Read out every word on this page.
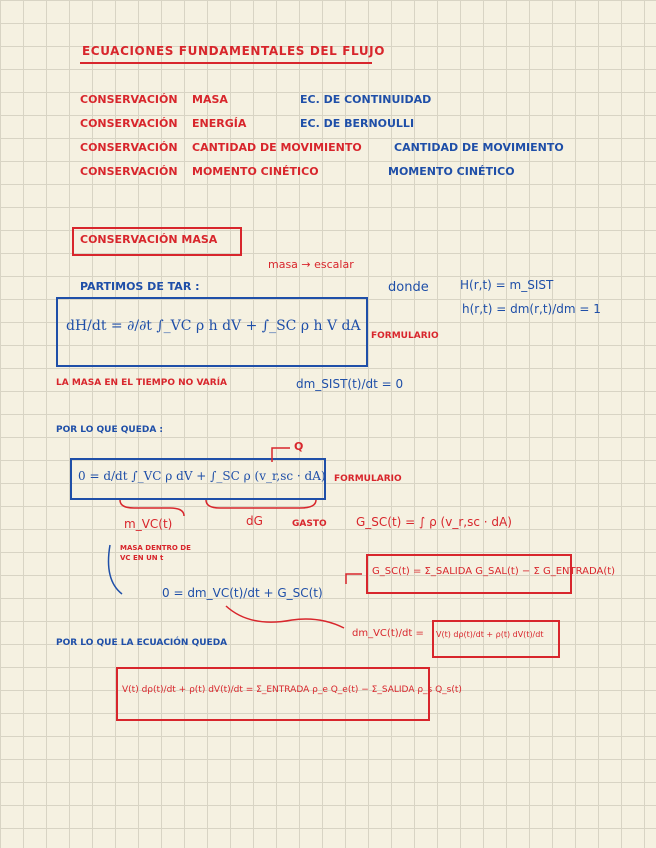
ECUACIONES FUNDAMENTALES DEL FLUJO
CONSERVACIÓN MASA	EC. DE CONTINUIDAD
CONSERVACIÓN ENERGÍA	EC. DE BERNOULLI
CONSERVACIÓN CANTIDAD DE MOVIMIENTO	CANTIDAD DE MOVIMIENTO
CONSERVACIÓN MOMENTO CINÉTICO	MOMENTO CINÉTICO
CONSERVACIÓN MASA
masa → escalar
PARTIMOS DE TAR :	donde	H(r,t) = m_SIST
h(r,t) = dm(r,t)/dm = 1
dH/dt = ∂/∂t ∫_VC ρ h dV + ∫_SC ρ h V dA
FORMULARIO
LA MASA EN EL TIEMPO NO VARÍA	dm_SIST(t)/dt = 0
POR LO QUE QUEDA :
Q
0 = d/dt ∫_VC ρ dV + ∫_SC ρ (v_r,sc · dA) FORMULARIO
m_VC(t)	dG	GASTO G_SC(t) = ∫ ρ (v_r,sc · dA)
MASA DENTRO DE VC EN UN t
0 = dm_VC(t)/dt + G_SC(t)
G_SC(t) = Σ_SALIDA G_SAL(t) − Σ G_ENTRADA(t)
POR LO QUE LA ECUACIÓN QUEDA
dm_VC(t)/dt = V(t) dρ(t)/dt + ρ(t) dV(t)/dt
V(t) dρ(t)/dt + ρ(t) dV(t)/dt = Σ_ENTRADA ρ_e Q_e(t) − Σ_SALIDA ρ_s Q_s(t)
